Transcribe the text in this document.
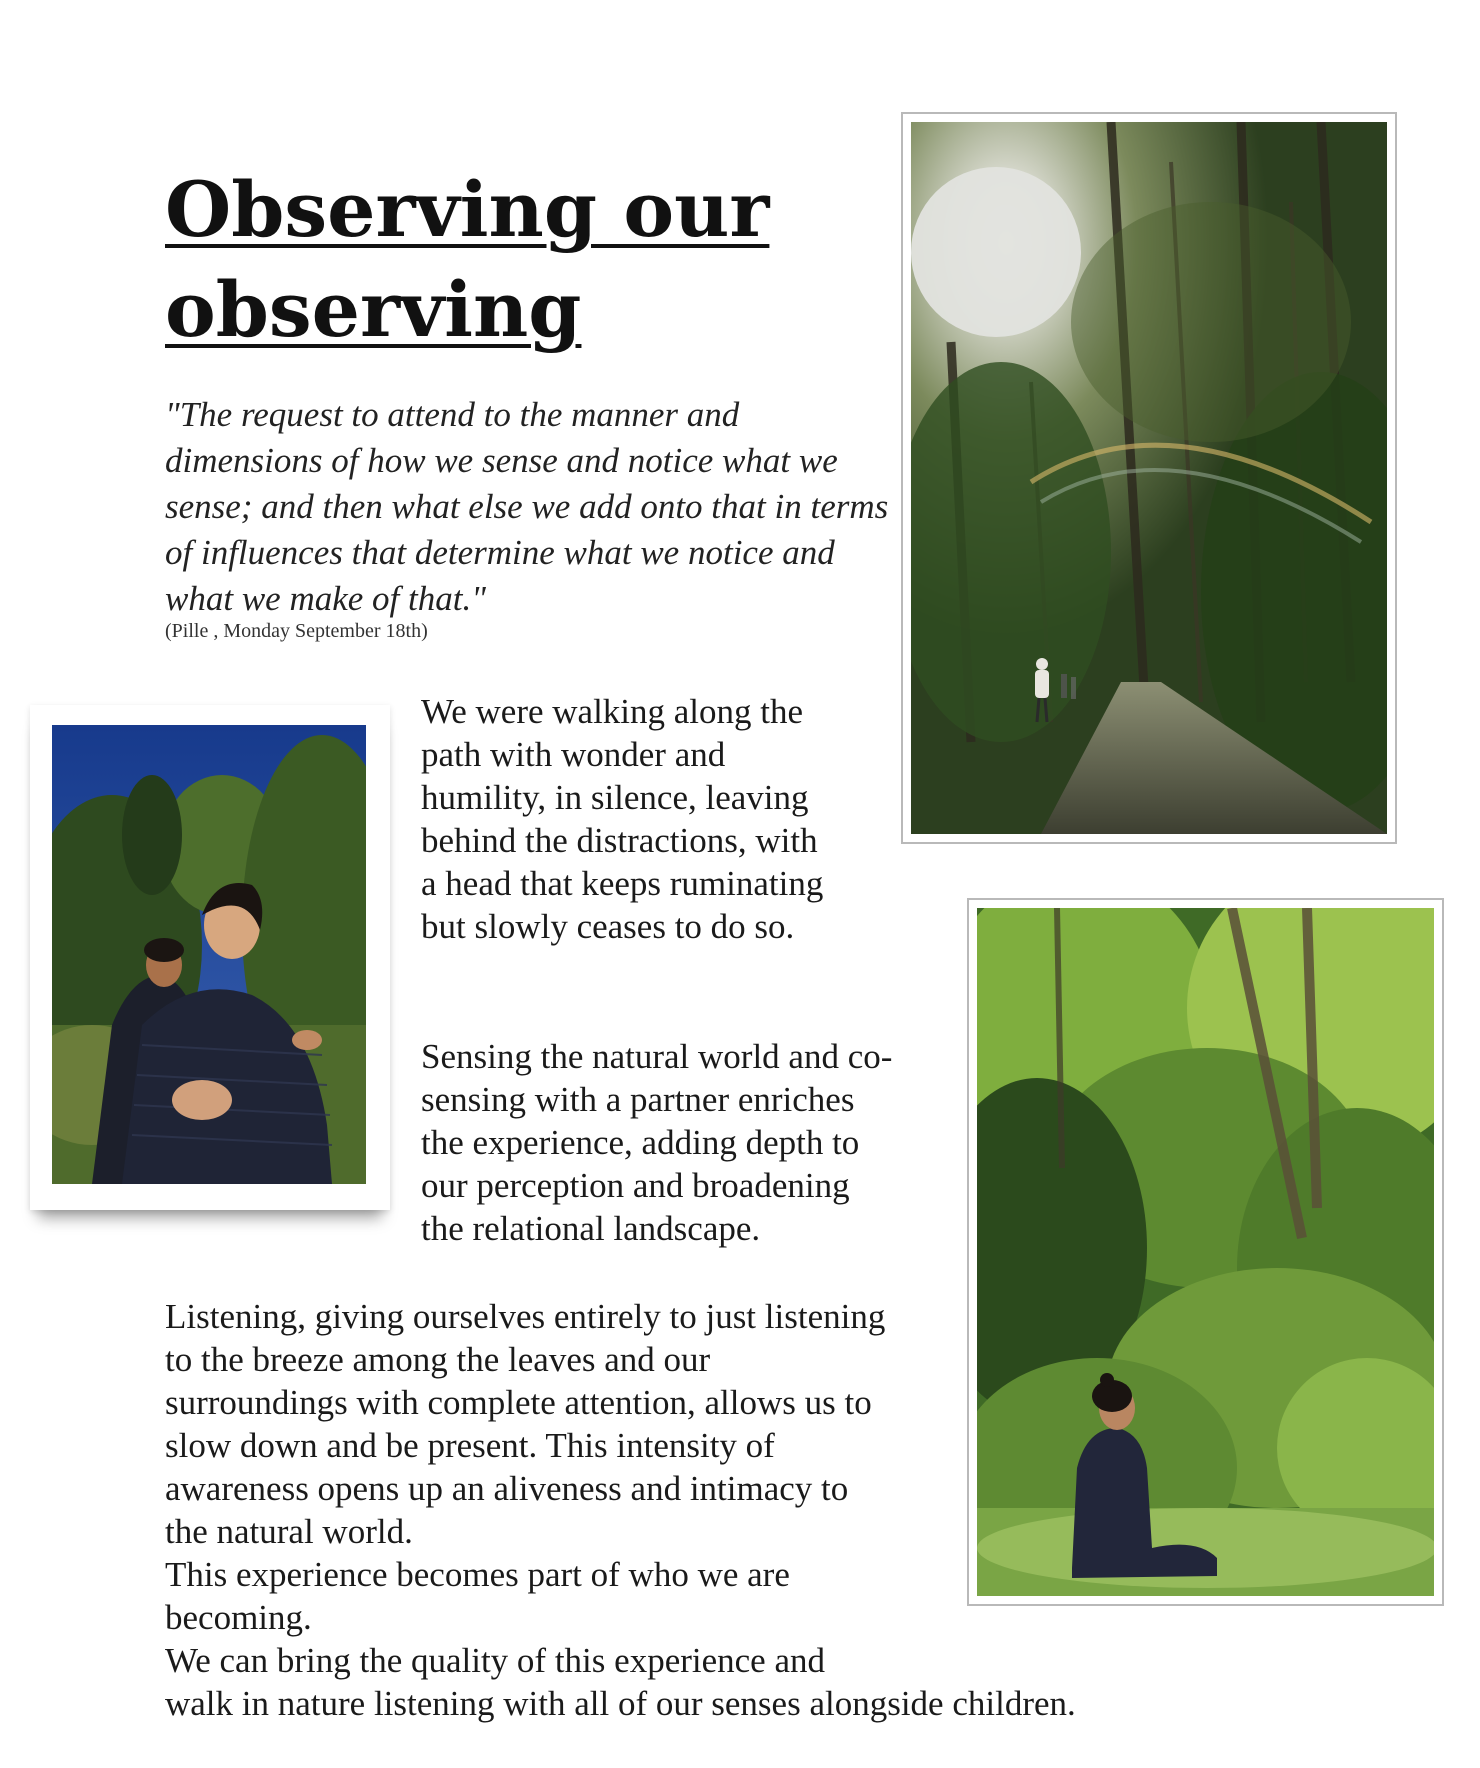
Observing our observing

"The request to attend to the manner and
dimensions of how we sense and notice what we
sense; and then what else we add onto that in terms
of influences that determine what we notice and
what we make of that."

(Pille , Monday September 18th)

We were walking along the
path with wonder and
humility, in silence, leaving
behind the distractions, with
a head that keeps ruminating
but slowly ceases to do so.

Sensing the natural world and co-
sensing with a partner enriches
the experience, adding depth to
our perception and broadening
the relational landscape.

Listening, giving ourselves entirely to just listening
to the breeze among the leaves and our
surroundings with complete attention, allows us to
slow down and be present. This intensity of
awareness opens up an aliveness and intimacy to
the natural world.
This experience becomes part of who we are
becoming.
We can bring the quality of this experience and
walk in nature listening with all of our senses alongside children.
